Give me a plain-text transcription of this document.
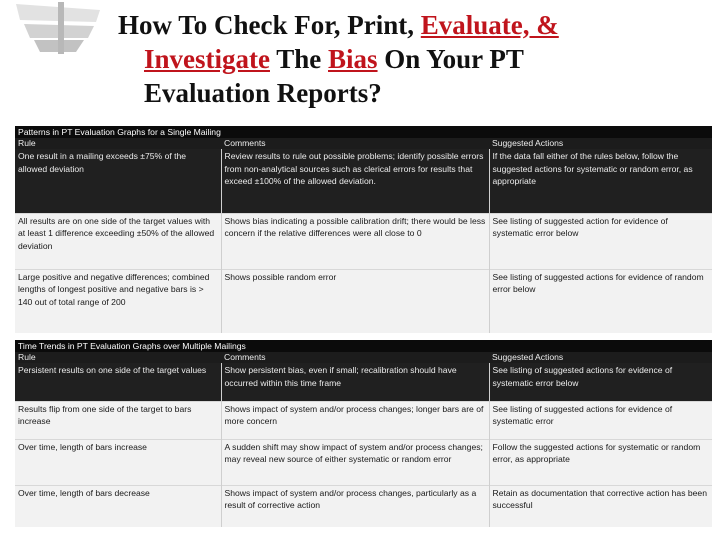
How To Check For, Print, Evaluate, &
Investigate The Bias On Your PT
Evaluation Reports?
Patterns in PT Evaluation Graphs for a Single Mailing		
Rule	Comments	Suggested Actions
One result in a mailing exceeds ±75% of the allowed deviation	Review results to rule out possible problems; identify possible errors from non-analytical sources such as clerical errors for results that exceed ±100% of the allowed deviation.	If the data fall either of the rules below, follow the suggested actions for systematic or random error, as appropriate
All results are on one side of the target values with at least 1 difference exceeding ±50% of the allowed deviation	Shows bias indicating a possible calibration drift; there would be less concern if the relative differences were all close to 0	See listing of suggested action for evidence of systematic error below
Large positive and negative differences; combined lengths of longest positive and negative bars is > 140 out of total range of 200	Shows possible random error	See listing of suggested actions for evidence of random error below
Time Trends in PT Evaluation Graphs over Multiple Mailings		
Rule	Comments	Suggested Actions
Persistent results on one side of the target values	Show persistent bias, even if small; recalibration should have occurred within this time frame	See listing of suggested actions for evidence of systematic error below
Results flip from one side of the target to bars increase	Shows impact of system and/or process changes; longer bars are of more concern	See listing of suggested actions for evidence of systematic error
Over time, length of bars increase	A sudden shift may show impact of system and/or process changes; may reveal new source of either systematic or random error	Follow the suggested actions for systematic or random error, as appropriate
Over time, length of bars decrease	Shows impact of system and/or process changes, particularly as a result of corrective action	Retain as documentation that corrective action has been successful
